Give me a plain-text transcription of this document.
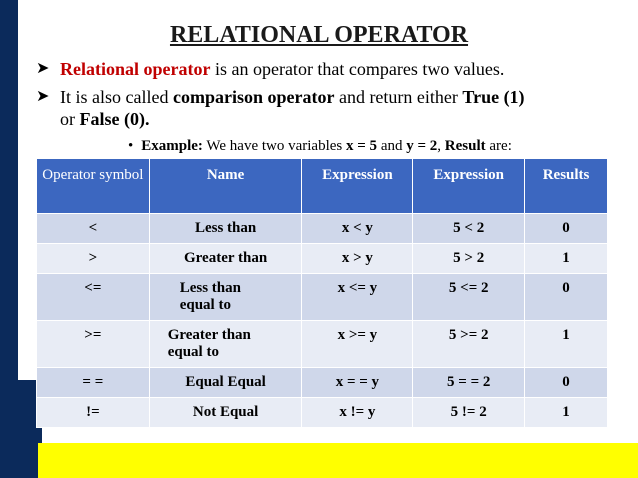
RELATIONAL OPERATOR
➤ Relational operator is an operator that compares two values.
➤ It is also called comparison operator and return either True (1)
or False (0).
• Example: We have two variables x = 5 and y = 2, Result are:
Operator symbol	Name	Expression	Expression	Results
<	Less than	x < y	5 < 2	0
>	Greater than	x > y	5 > 2	1
<=	Less than equal to	x <= y	5 <= 2	0
>=	Greater than equal to	x >= y	5 >= 2	1
= =	Equal Equal	x = = y	5 = = 2	0
!=	Not Equal	x != y	5 != 2	1
